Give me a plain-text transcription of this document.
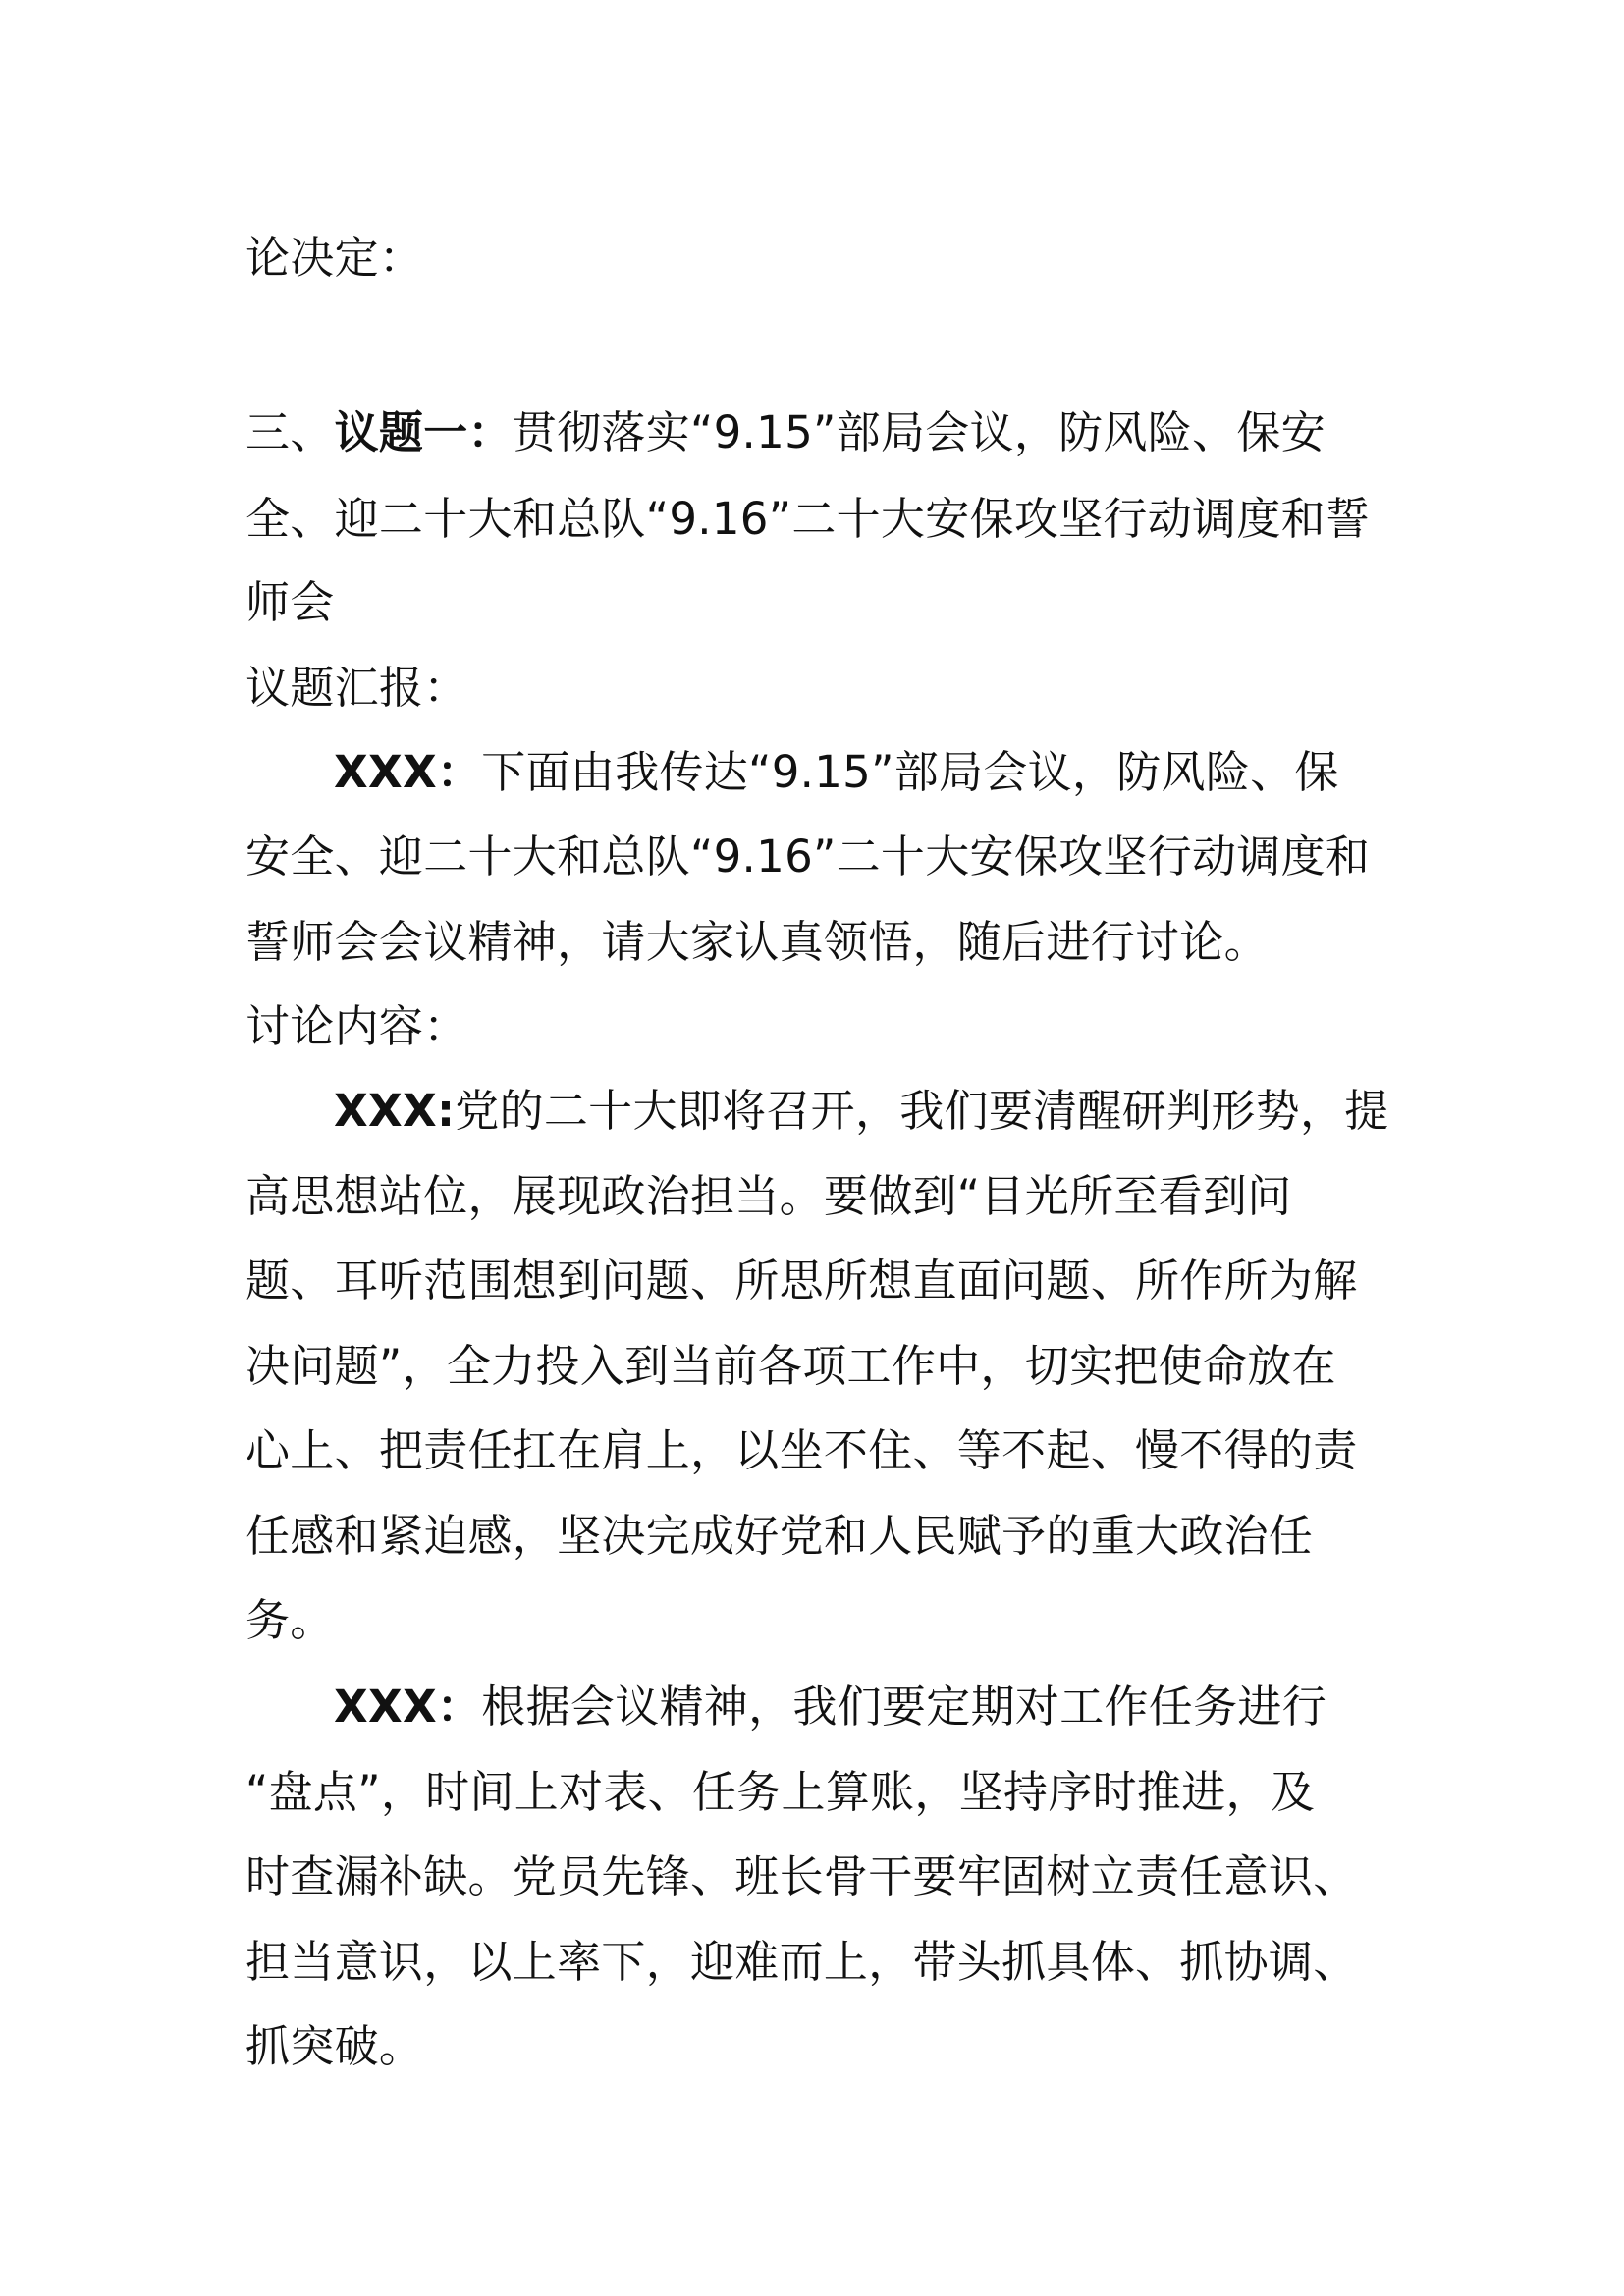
论决定：
三、议题一：贯彻落实“9.15”部局会议，防风险、保安
全、迎二十大和总队“9.16”二十大安保攻坚行动调度和誓
师会
议题汇报：
XXX：下面由我传达“9.15”部局会议，防风险、保
安全、迎二十大和总队“9.16”二十大安保攻坚行动调度和
誓师会会议精神，请大家认真领悟，随后进行讨论。
讨论内容：
XXX:党的二十大即将召开，我们要清醒研判形势，提
高思想站位，展现政治担当。要做到“目光所至看到问
题、耳听范围想到问题、所思所想直面问题、所作所为解
决问题”，全力投入到当前各项工作中，切实把使命放在
心上、把责任扛在肩上，以坐不住、等不起、慢不得的责
任感和紧迫感，坚决完成好党和人民赋予的重大政治任
务。
XXX：根据会议精神，我们要定期对工作任务进行
“盘点”，时间上对表、任务上算账，坚持序时推进，及
时查漏补缺。党员先锋、班长骨干要牢固树立责任意识、
担当意识，以上率下，迎难而上，带头抓具体、抓协调、
抓突破。
